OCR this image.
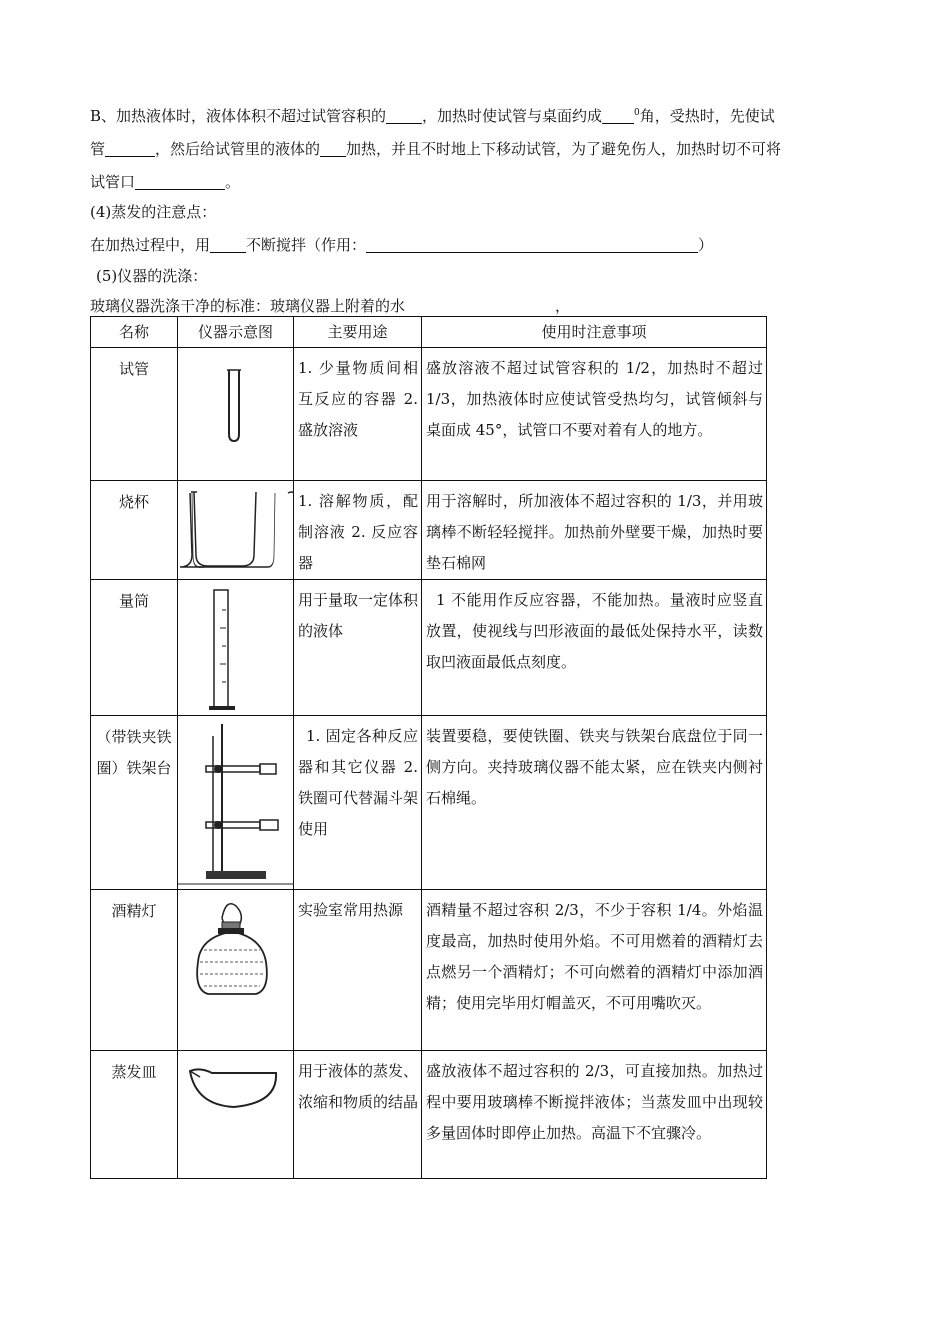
B、加热液体时，液体体积不超过试管容积的 ，加热时使试管与桌面约成	$^0$角，受热时，先使试
管	，然后给试管里的液体的 加热，并且不时地上下移动试管，为了避免伤人，加热时切不可将
试管口	。
(4)蒸发的注意点：
在加热过程中，用 不断搅拌（作用：	）
(5)仪器的洗涤：
玻璃仪器洗涤干净的标准：玻璃仪器上附着的水	，
名称	仪器示意图	主要用途	使用时注意事项
试管		1. 少量物质间相互反应的容器 2. 盛放溶液	盛放溶液不超过试管容积的 1/2，加热时不超过 1/3，加热液体时应使试管受热均匀，试管倾斜与桌面成 45°，试管口不要对着有人的地方。
烧杯		1. 溶解物质，配制溶液 2. 反应容器	用于溶解时，所加液体不超过容积的 1/3，并用玻璃棒不断轻轻搅拌。加热前外壁要干燥，加热时要垫石棉网
量筒		用于量取一定体积的液体	1 不能用作反应容器，不能加热。量液时应竖直放置，使视线与凹形液面的最低处保持水平，读数取凹液面最低点刻度。
（带铁夹铁圈）铁架台		1. 固定各种反应器和其它仪器 2. 铁圈可代替漏斗架使用	装置要稳，要使铁圈、铁夹与铁架台底盘位于同一侧方向。夹持玻璃仪器不能太紧，应在铁夹内侧衬石棉绳。
酒精灯		实验室常用热源	酒精量不超过容积 2/3，不少于容积 1/4。外焰温度最高，加热时使用外焰。不可用燃着的酒精灯去点燃另一个酒精灯；不可向燃着的酒精灯中添加酒精；使用完毕用灯帽盖灭，不可用嘴吹灭。
蒸发皿		用于液体的蒸发、浓缩和物质的结晶	盛放液体不超过容积的 2/3，可直接加热。加热过程中要用玻璃棒不断搅拌液体；当蒸发皿中出现较多量固体时即停止加热。高温下不宜骤冷。
